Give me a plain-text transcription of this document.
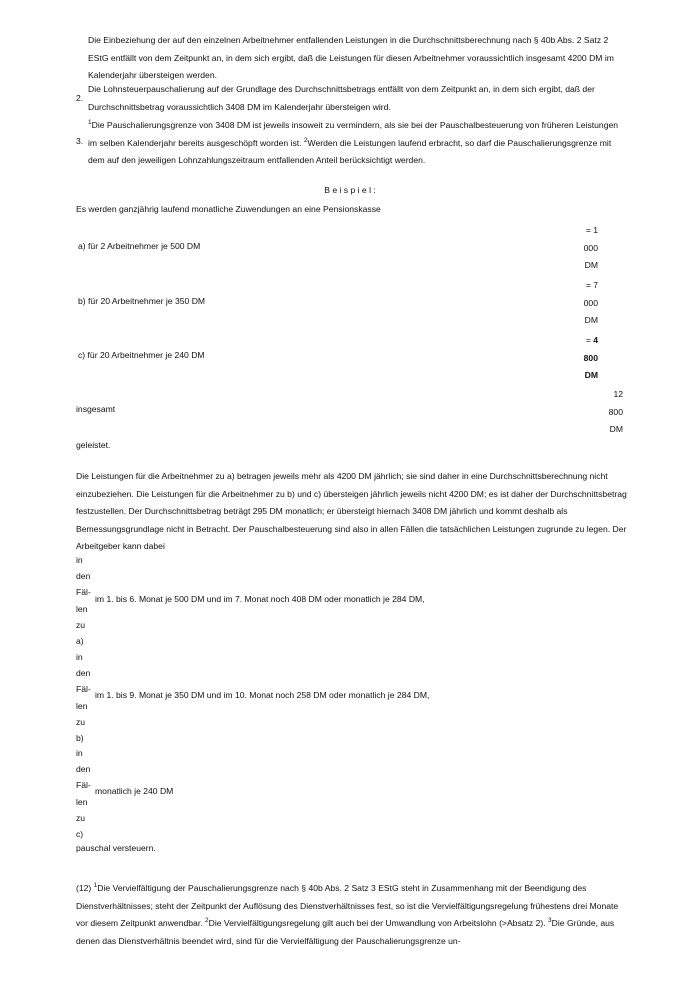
Die Einbeziehung der auf den einzelnen Arbeitnehmer entfallenden Leistungen in die Durchschnittsberechnung nach § 40b Abs. 2 Satz 2 EStG entfällt von dem Zeitpunkt an, in dem sich ergibt, daß die Leistungen für diesen Arbeitnehmer voraussichtlich insgesamt 4200 DM im Kalenderjahr übersteigen werden.
2.
Die Lohnsteuerpauschalierung auf der Grundlage des Durchschnittsbetrags entfällt von dem Zeitpunkt an, in dem sich ergibt, daß der Durchschnittsbetrag voraussichtlich 3408 DM im Kalenderjahr übersteigen wird.
3.
$^1$Die Pauschalierungsgrenze von 3408 DM ist jeweils insoweit zu vermindern, als sie bei der Pauschalbesteuerung von früheren Leistungen im selben Kalenderjahr bereits ausgeschöpft worden ist. $^2$Werden die Leistungen laufend erbracht, so darf die Pauschalierungsgrenze mit dem auf den jeweiligen Lohnzahlungszeitraum entfallenden Anteil berücksichtigt werden.
B e i s p i e l :
Es werden ganzjährig laufend monatliche Zuwendungen an eine Pensionskasse
a) für 2 Arbeitnehmer je 500 DM
= 1
000
DM
b) für 20 Arbeitnehmer je 350 DM
= 7
000
DM
c) für 20 Arbeitnehmer je 240 DM
= 4
800
DM
insgesamt
12
800
DM
geleistet.
Die Leistungen für die Arbeitnehmer zu a) betragen jeweils mehr als 4200 DM jährlich; sie sind daher in eine Durchschnittsberechnung nicht einzubeziehen. Die Leistungen für die Arbeitnehmer zu b) und c) übersteigen jährlich jeweils nicht 4200 DM; es ist daher der Durchschnittsbetrag festzustellen. Der Durchschnittsbetrag beträgt 295 DM monatlich; er übersteigt hiernach 3408 DM jährlich und kommt deshalb als Bemessungsgrundlage nicht in Betracht. Der Pauschalbesteuerung sind also in allen Fällen die tatsächlichen Leistungen zugrunde zu legen. Der Arbeitgeber kann dabei
in
den
Fäl-
len
zu
a)
im 1. bis 6. Monat je 500 DM und im 7. Monat noch 408 DM oder monatlich je 284 DM,
in
den
Fäl-
len
zu
b)
im 1. bis 9. Monat je 350 DM und im 10. Monat noch 258 DM oder monatlich je 284 DM,
in
den
Fäl-
len
zu
c)
monatlich je 240 DM
pauschal versteuern.
(12) $^1$Die Vervielfältigung der Pauschalierungsgrenze nach § 40b Abs. 2 Satz 3 EStG steht in Zusammenhang mit der Beendigung des Dienstverhältnisses; steht der Zeitpunkt der Auflösung des Dienstverhältnisses fest, so ist die Vervielfältigungsregelung frühestens drei Monate vor diesem Zeitpunkt anwendbar. $^2$Die Vervielfältigungsregelung gilt auch bei der Umwandlung von Arbeitslohn (>Absatz 2). $^3$Die Gründe, aus denen das Dienstverhältnis beendet wird, sind für die Vervielfältigung der Pauschalierungsgrenze un-
